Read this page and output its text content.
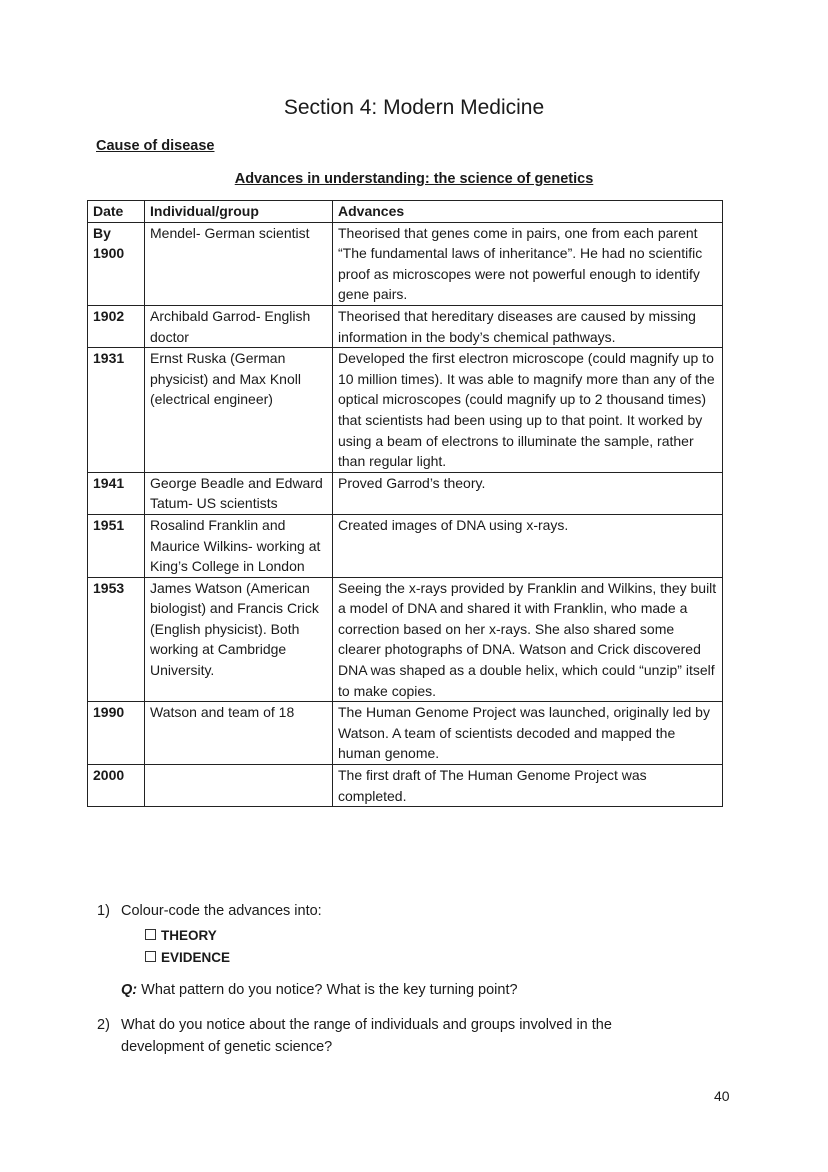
Section 4: Modern Medicine
Cause of disease
Advances in understanding: the science of genetics
Date	Individual/group	Advances
By 1900	Mendel- German scientist	Theorised that genes come in pairs, one from each parent “The fundamental laws of inheritance”. He had no scientific proof as microscopes were not powerful enough to identify gene pairs.
1902	Archibald Garrod- English doctor	Theorised that hereditary diseases are caused by missing information in the body’s chemical pathways.
1931	Ernst Ruska (German physicist) and Max Knoll (electrical engineer)	Developed the first electron microscope (could magnify up to 10 million times). It was able to magnify more than any of the optical microscopes (could magnify up to 2 thousand times) that scientists had been using up to that point. It worked by using a beam of electrons to illuminate the sample, rather than regular light.
1941	George Beadle and Edward Tatum- US scientists	Proved Garrod’s theory.
1951	Rosalind Franklin and Maurice Wilkins- working at King’s College in London	Created images of DNA using x-rays.
1953	James Watson (American biologist) and Francis Crick (English physicist). Both working at Cambridge University.	Seeing the x-rays provided by Franklin and Wilkins, they built a model of DNA and shared it with Franklin, who made a correction based on her x-rays. She also shared some clearer photographs of DNA. Watson and Crick discovered DNA was shaped as a double helix, which could “unzip” itself to make copies.
1990	Watson and team of 18	The Human Genome Project was launched, originally led by Watson. A team of scientists decoded and mapped the human genome.
2000		The first draft of The Human Genome Project was completed.
1) Colour-code the advances into:
THEORY
EVIDENCE
Q: What pattern do you notice? What is the key turning point?
2) What do you notice about the range of individuals and groups involved in the
development of genetic science?
40
